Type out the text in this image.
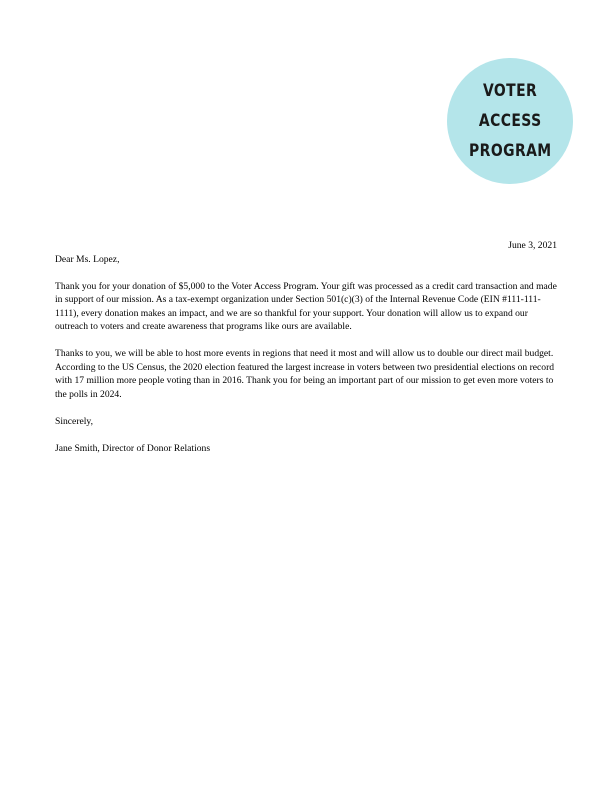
VOTER
ACCESS
PROGRAM

June 3, 2021

Dear Ms. Lopez,

Thank you for your donation of $5,000 to the Voter Access Program. Your gift was processed as a credit card transaction and made in support of our mission. As a tax-exempt organization under Section 501(c)(3) of the Internal Revenue Code (EIN #111-111-1111), every donation makes an impact, and we are so thankful for your support. Your donation will allow us to expand our outreach to voters and create awareness that programs like ours are available.

Thanks to you, we will be able to host more events in regions that need it most and will allow us to double our direct mail budget. According to the US Census, the 2020 election featured the largest increase in voters between two presidential elections on record with 17 million more people voting than in 2016. Thank you for being an important part of our mission to get even more voters to the polls in 2024.

Sincerely,

Jane Smith, Director of Donor Relations
